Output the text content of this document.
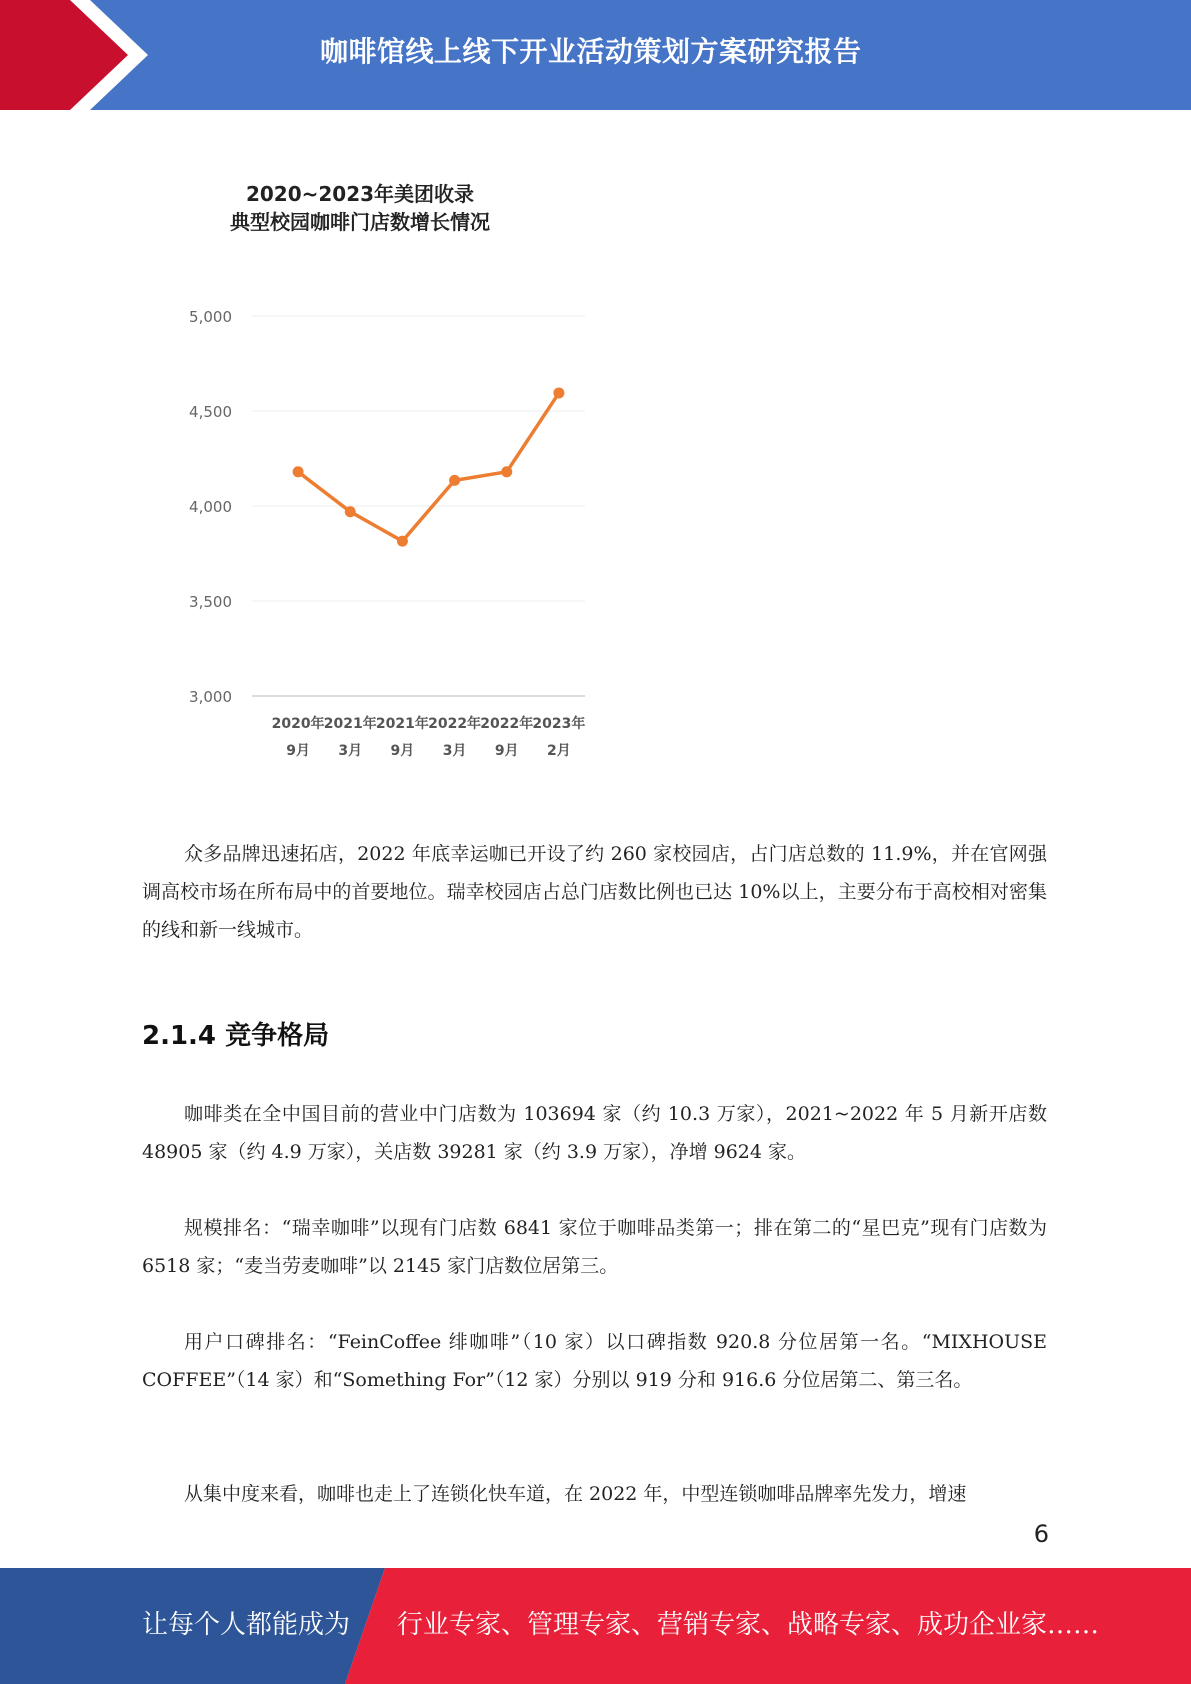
咖啡馆线上线下开业活动策划方案研究报告
3,000
3,500
4,000
4,500
5,000
2020年
9月
2021年
3月
2021年
9月
2022年
3月
2022年
9月
2023年
2月
2020~2023年美团收录
典型校园咖啡门店数增长情况

众多品牌迅速拓店，2022 年底幸运咖已开设了约 260 家校园店，占门店总数的 11.9%，并在官网强调高校市场在所布局中的首要地位。瑞幸校园店占总门店数比例也已达 10%以上，主要分布于高校相对密集的线和新一线城市。

2.1.4 竞争格局

咖啡类在全中国目前的营业中门店数为 103694 家（约 10.3 万家），2021~2022 年 5 月新开店数 48905 家（约 4.9 万家），关店数 39281 家（约 3.9 万家），净增 9624 家。

规模排名：“瑞幸咖啡”以现有门店数 6841 家位于咖啡品类第一；排在第二的“星巴克”现有门店数为 6518 家；“麦当劳麦咖啡”以 2145 家门店数位居第三。

用户口碑排名：“FeinCoffee 绯咖啡”（10 家）以口碑指数 920.8 分位居第一名。“MIXHOUSE COFFEE”（14 家）和“Something For”（12 家）分别以 919 分和 916.6 分位居第二、第三名。

从集中度来看，咖啡也走上了连锁化快车道，在 2022 年，中型连锁咖啡品牌率先发力，增速

6
让每个人都能成为 行业专家、管理专家、营销专家、战略专家、成功企业家……
